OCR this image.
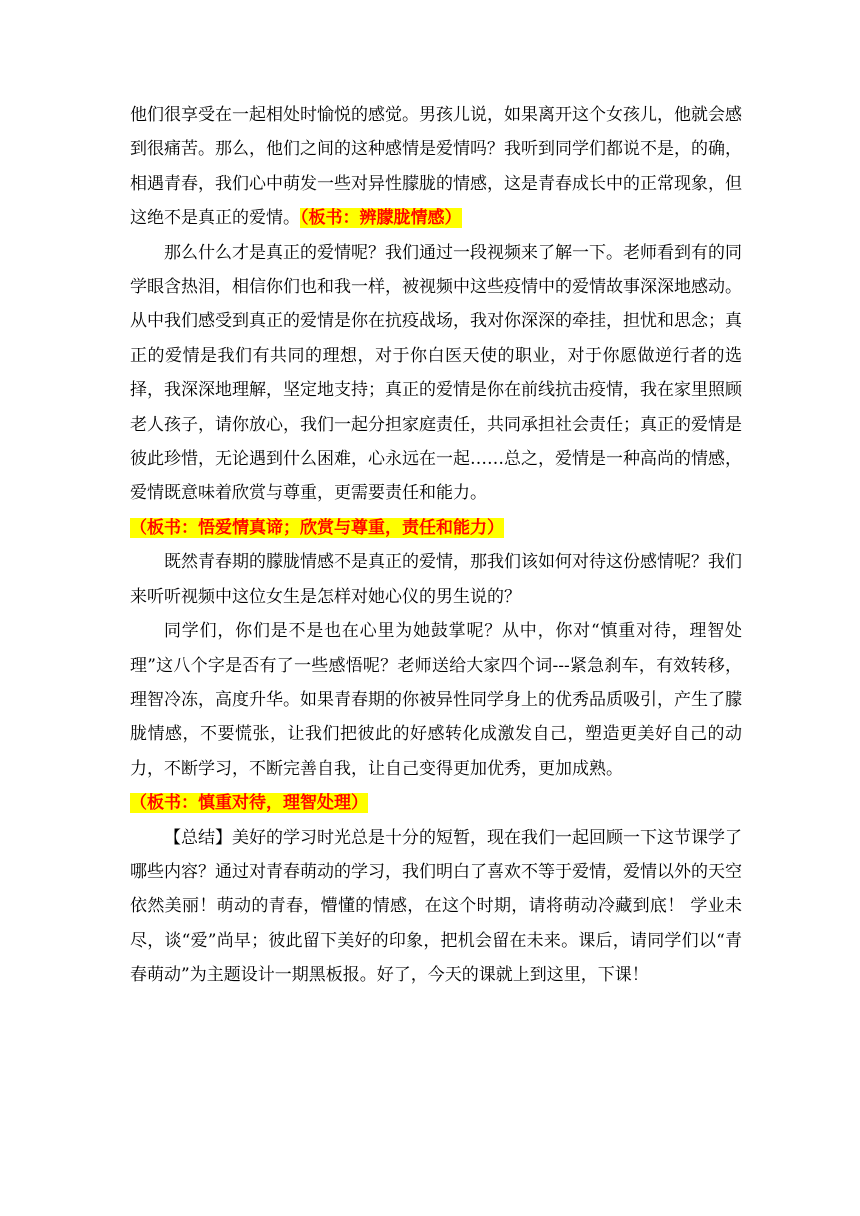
他们很享受在一起相处时愉悦的感觉。男孩儿说，如果离开这个女孩儿，他就会感到很痛苦。那么，他们之间的这种感情是爱情吗？我听到同学们都说不是，的确，相遇青春，我们心中萌发一些对异性朦胧的情感，这是青春成长中的正常现象，但这绝不是真正的爱情。（板书：辨朦胧情感）

那么什么才是真正的爱情呢？我们通过一段视频来了解一下。老师看到有的同学眼含热泪，相信你们也和我一样，被视频中这些疫情中的爱情故事深深地感动。从中我们感受到真正的爱情是你在抗疫战场，我对你深深的牵挂，担忧和思念；真正的爱情是我们有共同的理想，对于你白医天使的职业，对于你愿做逆行者的选择，我深深地理解，坚定地支持；真正的爱情是你在前线抗击疫情，我在家里照顾老人孩子，请你放心，我们一起分担家庭责任，共同承担社会责任；真正的爱情是彼此珍惜，无论遇到什么困难，心永远在一起……总之，爱情是一种高尚的情感，爱情既意味着欣赏与尊重，更需要责任和能力。
（板书：悟爱情真谛；欣赏与尊重，责任和能力）

既然青春期的朦胧情感不是真正的爱情，那我们该如何对待这份感情呢？我们来听听视频中这位女生是怎样对她心仪的男生说的？

同学们，你们是不是也在心里为她鼓掌呢？从中，你对“慎重对待，理智处理”这八个字是否有了一些感悟呢？老师送给大家四个词---紧急刹车，有效转移，理智冷冻，高度升华。如果青春期的你被异性同学身上的优秀品质吸引，产生了朦胧情感，不要慌张，让我们把彼此的好感转化成激发自己，塑造更美好自己的动力，不断学习，不断完善自我，让自己变得更加优秀，更加成熟。
（板书：慎重对待，理智处理）

【总结】美好的学习时光总是十分的短暂，现在我们一起回顾一下这节课学了哪些内容？通过对青春萌动的学习，我们明白了喜欢不等于爱情，爱情以外的天空依然美丽！萌动的青春，懵懂的情感，在这个时期，请将萌动冷藏到底！ 学业未尽，谈“爱”尚早；彼此留下美好的印象，把机会留在未来。课后，请同学们以“青春萌动”为主题设计一期黑板报。好了，今天的课就上到这里，下课！
